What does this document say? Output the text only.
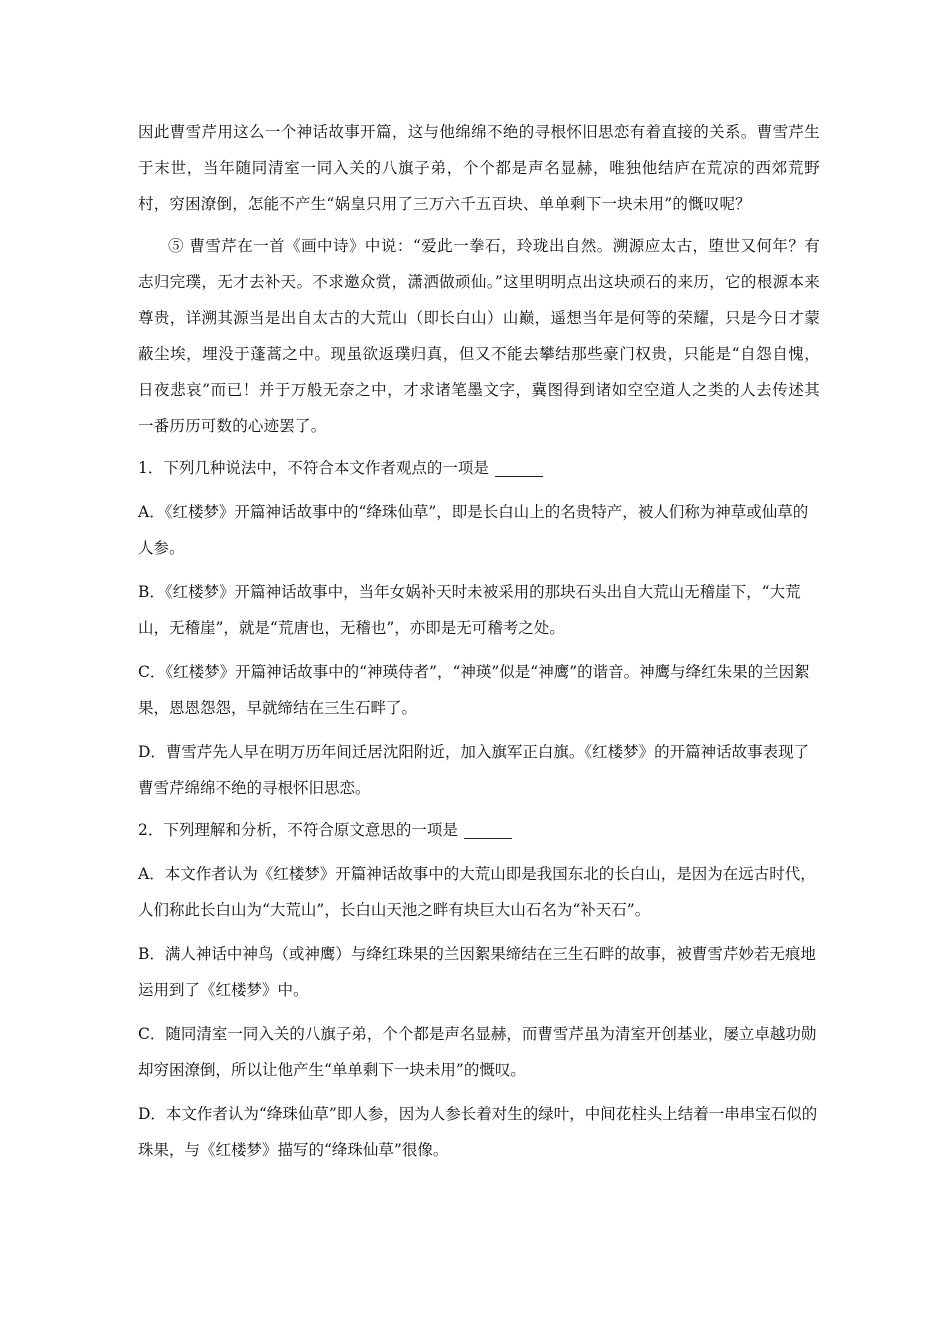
因此曹雪芹用这么一个神话故事开篇，这与他绵绵不绝的寻根怀旧思恋有着直接的关系。曹雪芹生于末世，当年随同清室一同入关的八旗子弟，个个都是声名显赫，唯独他结庐在荒凉的西郊荒野村，穷困潦倒，怎能不产生“娲皇只用了三万六千五百块、单单剩下一块未用”的慨叹呢？

⑤ 曹雪芹在一首《画中诗》中说：“爱此一拳石，玲珑出自然。溯源应太古，堕世又何年？有志归完璞，无才去补天。不求邀众赏，潇洒做顽仙。”这里明明点出这块顽石的来历，它的根源本来尊贵，详溯其源当是出自太古的大荒山（即长白山）山巅，遥想当年是何等的荣耀，只是今日才蒙蔽尘埃，埋没于蓬蒿之中。现虽欲返璞归真，但又不能去攀结那些豪门权贵，只能是“自怨自愧，日夜悲哀”而已！并于万般无奈之中，才求诸笔墨文字，冀图得到诸如空空道人之类的人去传述其一番历历可数的心迹罢了。

1．下列几种说法中，不符合本文作者观点的一项是

A．《红楼梦》开篇神话故事中的“绛珠仙草”，即是长白山上的名贵特产，被人们称为神草或仙草的人参。

B．《红楼梦》开篇神话故事中，当年女娲补天时未被采用的那块石头出自大荒山无稽崖下，“大荒山，无稽崖”，就是“荒唐也，无稽也”，亦即是无可稽考之处。

C．《红楼梦》开篇神话故事中的“神瑛侍者”，“神瑛”似是“神鹰”的谐音。神鹰与绛红朱果的兰因絮果，恩恩怨怨，早就缔结在三生石畔了。

D．曹雪芹先人早在明万历年间迁居沈阳附近，加入旗军正白旗。《红楼梦》的开篇神话故事表现了曹雪芹绵绵不绝的寻根怀旧思恋。

2．下列理解和分析，不符合原文意思的一项是

A．本文作者认为《红楼梦》开篇神话故事中的大荒山即是我国东北的长白山，是因为在远古时代，人们称此长白山为“大荒山”，长白山天池之畔有块巨大山石名为“补天石”。

B．满人神话中神鸟（或神鹰）与绛红珠果的兰因絮果缔结在三生石畔的故事，被曹雪芹妙若无痕地运用到了《红楼梦》中。

C．随同清室一同入关的八旗子弟，个个都是声名显赫，而曹雪芹虽为清室开创基业，屡立卓越功勋却穷困潦倒，所以让他产生“单单剩下一块未用”的慨叹。

D．本文作者认为“绛珠仙草”即人参，因为人参长着对生的绿叶，中间花柱头上结着一串串宝石似的珠果，与《红楼梦》描写的“绛珠仙草”很像。
